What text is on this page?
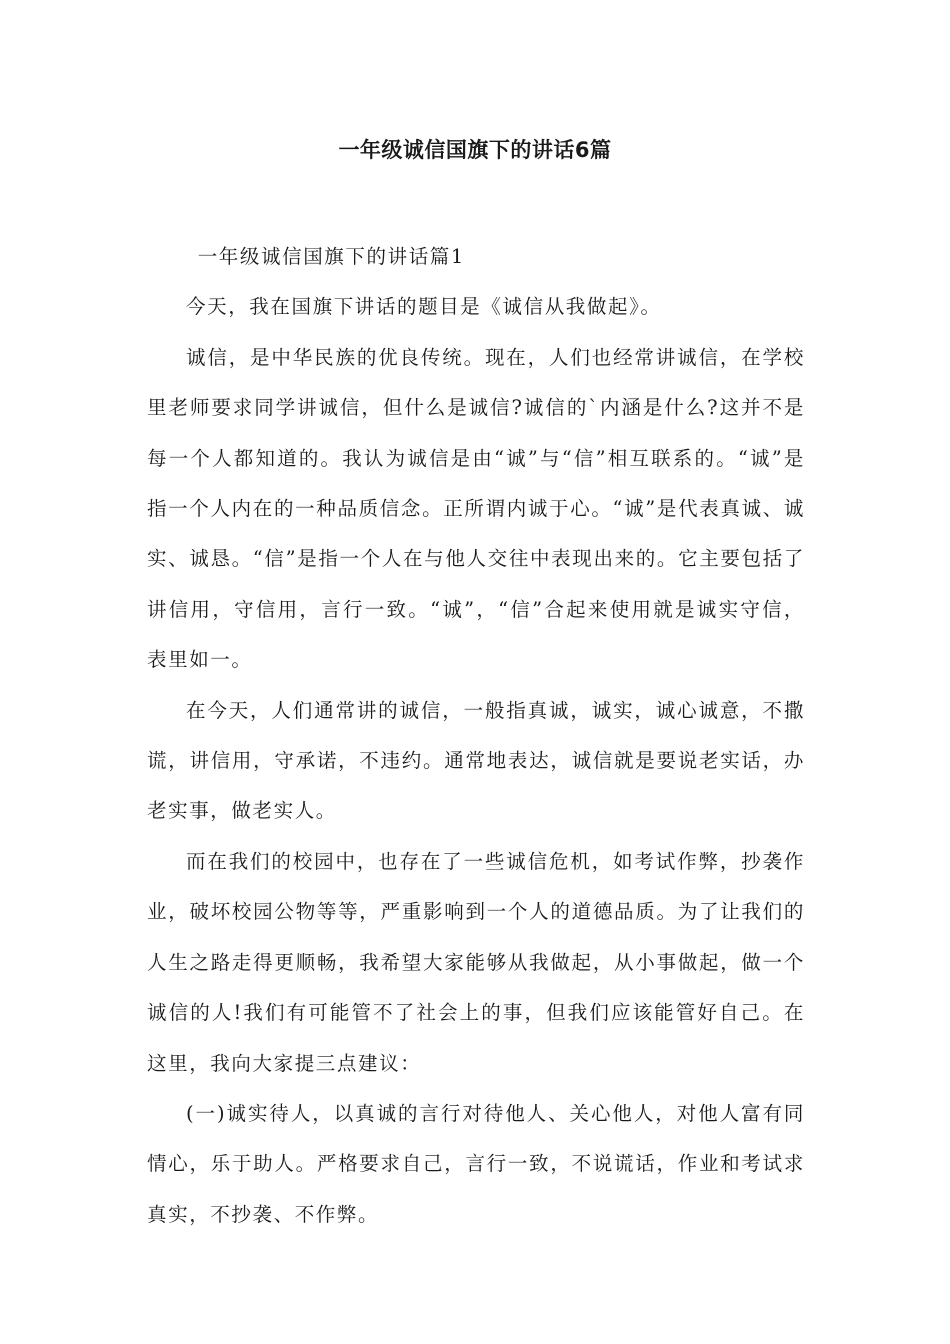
一年级诚信国旗下的讲话6篇

一年级诚信国旗下的讲话篇1

今天，我在国旗下讲话的题目是《诚信从我做起》。

诚信，是中华民族的优良传统。现在，人们也经常讲诚信，在学校里老师要求同学讲诚信，但什么是诚信?诚信的`内涵是什么?这并不是每一个人都知道的。我认为诚信是由“诚”与“信”相互联系的。“诚”是指一个人内在的一种品质信念。正所谓内诚于心。“诚”是代表真诚、诚实、诚恳。“信”是指一个人在与他人交往中表现出来的。它主要包括了讲信用，守信用，言行一致。“诚”，“信”合起来使用就是诚实守信，表里如一。

在今天，人们通常讲的诚信，一般指真诚，诚实，诚心诚意，不撒谎，讲信用，守承诺，不违约。通常地表达，诚信就是要说老实话，办老实事，做老实人。

而在我们的校园中，也存在了一些诚信危机，如考试作弊，抄袭作业，破坏校园公物等等，严重影响到一个人的道德品质。为了让我们的人生之路走得更顺畅，我希望大家能够从我做起，从小事做起，做一个诚信的人!我们有可能管不了社会上的事，但我们应该能管好自己。在这里，我向大家提三点建议：

(一)诚实待人，以真诚的言行对待他人、关心他人，对他人富有同情心，乐于助人。严格要求自己，言行一致，不说谎话，作业和考试求真实，不抄袭、不作弊。
